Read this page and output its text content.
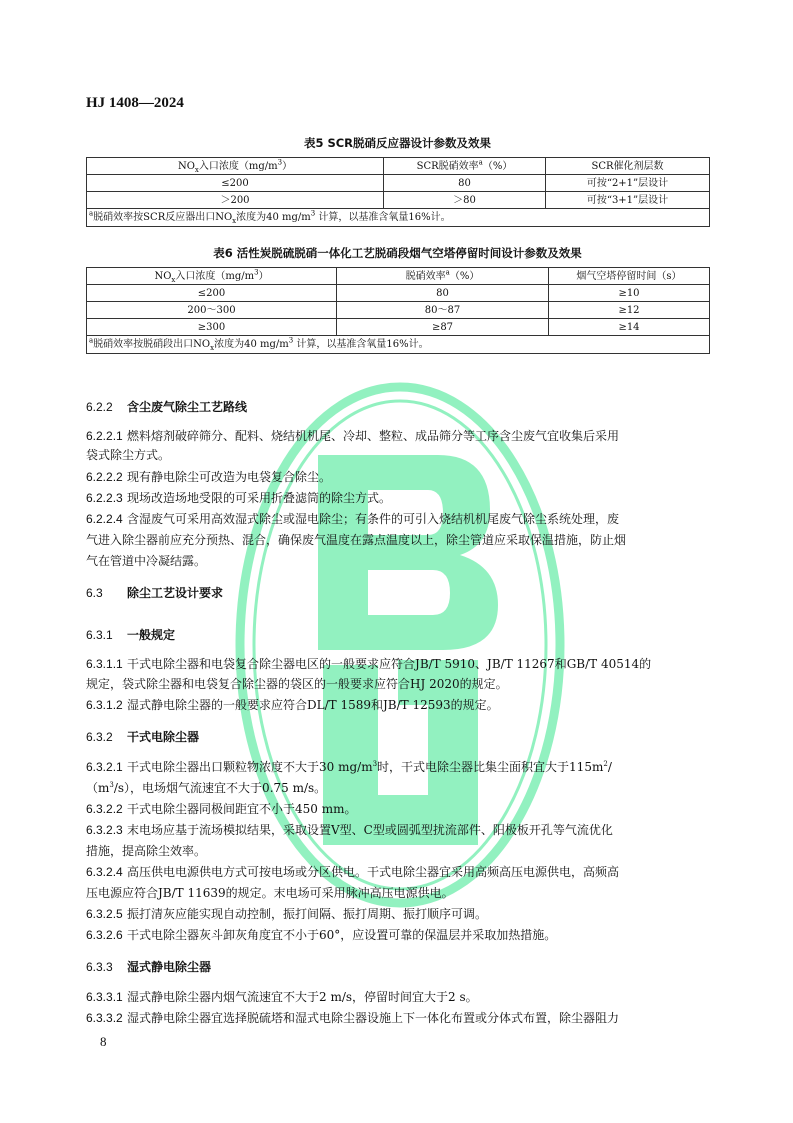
HJ 1408—2024
表5 SCR脱硝反应器设计参数及效果
$NO_x$入口浓度$(mg/m^3)$	SCR脱硝效率$^a$（%）	SCR催化剂层数
≤200	80	可按“2+1”层设计
＞200	＞80	可按“3+1”层设计
$^a$脱硝效率按SCR反应器出口$NO_x$浓度为40 $mg/m^3$ 计算，以基准含氧量16%计。		
表6 活性炭脱硫脱硝一体化工艺脱硝段烟气空塔停留时间设计参数及效果
$NO_x$入口浓度$(mg/m^3)$	脱硝效率$^a$（%）	烟气空塔停留时间（s）
≤200	80	≥10
200～300	80～87	≥12
≥300	≥87	≥14
$^a$脱硝效率按脱硝段出口$NO_x$浓度为40 $mg/m^3$ 计算，以基准含氧量16%计。		
6.2.2 含尘废气除尘工艺路线
6.2.2.1 燃料熔剂破碎筛分、配料、烧结机机尾、冷却、整粒、成品筛分等工序含尘废气宜收集后采用
袋式除尘方式。
6.2.2.2 现有静电除尘可改造为电袋复合除尘。
6.2.2.3 现场改造场地受限的可采用折叠滤筒的除尘方式。
6.2.2.4 含湿废气可采用高效湿式除尘或湿电除尘；有条件的可引入烧结机机尾废气除尘系统处理，废
气进入除尘器前应充分预热、混合，确保废气温度在露点温度以上，除尘管道应采取保温措施，防止烟
气在管道中冷凝结露。
6.3 除尘工艺设计要求
6.3.1 一般规定
6.3.1.1 干式电除尘器和电袋复合除尘器电区的一般要求应符合JB/T 5910、JB/T 11267和GB/T 40514的
规定，袋式除尘器和电袋复合除尘器的袋区的一般要求应符合HJ 2020的规定。
6.3.1.2 湿式静电除尘器的一般要求应符合DL/T 1589和JB/T 12593的规定。
6.3.2 干式电除尘器
6.3.2.1 干式电除尘器出口颗粒物浓度不大于30 $mg/m^3$时，干式电除尘器比集尘面积宜大于$115m^2/$
$(m^3/s)$，电场烟气流速宜不大于0.75 m/s。
6.3.2.2 干式电除尘器同极间距宜不小于450 mm。
6.3.2.3 末电场应基于流场模拟结果，采取设置V型、C型或圆弧型扰流部件、阳极板开孔等气流优化
措施，提高除尘效率。
6.3.2.4 高压供电电源供电方式可按电场或分区供电。干式电除尘器宜采用高频高压电源供电，高频高
压电源应符合JB/T 11639的规定。末电场可采用脉冲高压电源供电。
6.3.2.5 振打清灰应能实现自动控制，振打间隔、振打周期、振打顺序可调。
6.3.2.6 干式电除尘器灰斗卸灰角度宜不小于60°，应设置可靠的保温层并采取加热措施。
6.3.3 湿式静电除尘器
6.3.3.1 湿式静电除尘器内烟气流速宜不大于2 m/s，停留时间宜大于2 s。
6.3.3.2 湿式静电除尘器宜选择脱硫塔和湿式电除尘器设施上下一体化布置或分体式布置，除尘器阻力
8
